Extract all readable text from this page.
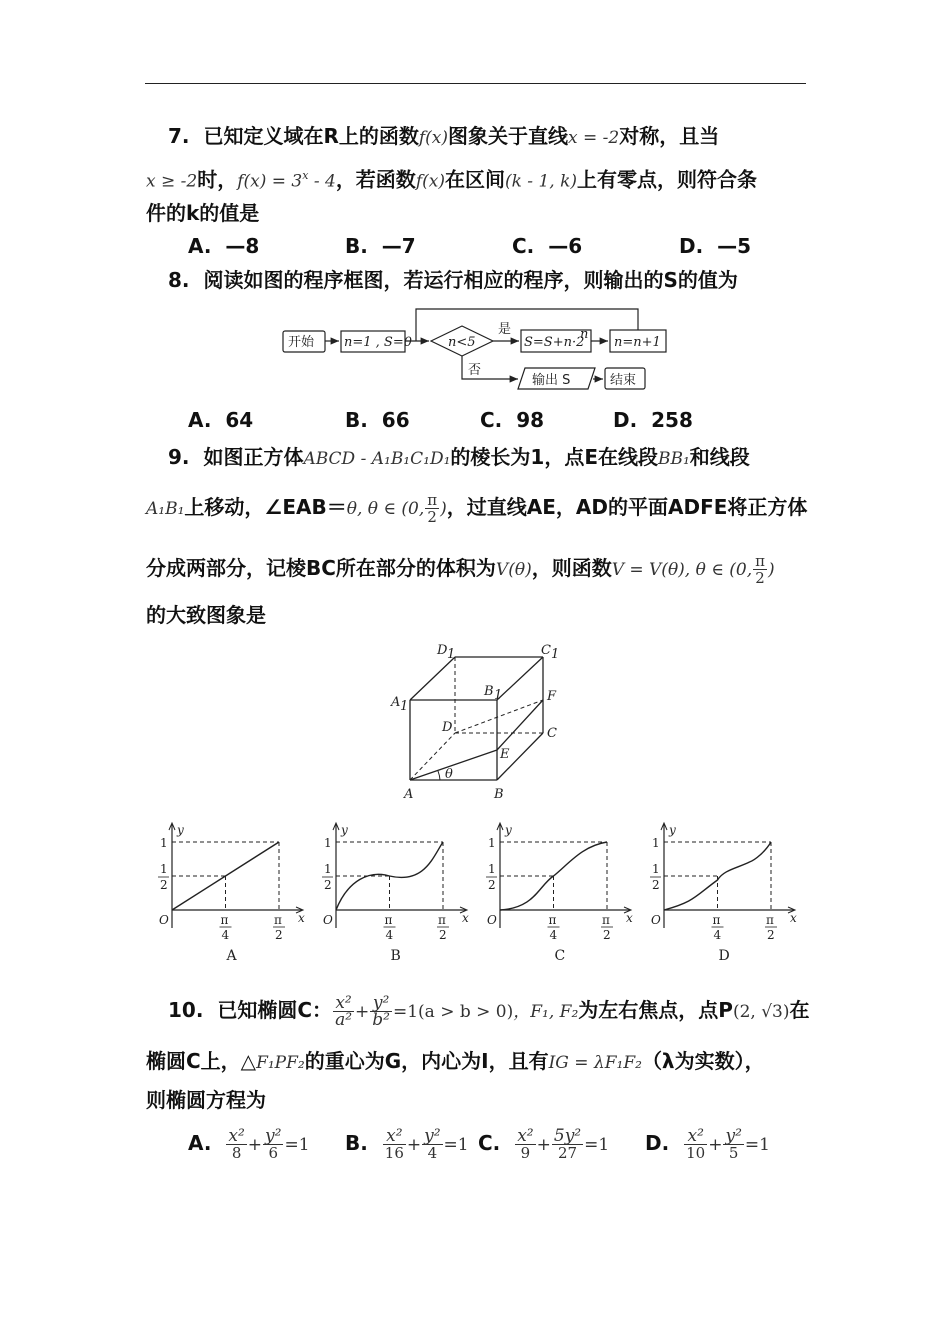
7. 已知定义域在R上的函数f(x)图象关于直线x = -2对称，且当
x ≥ -2时，$f(x) = 3^x - 4$，若函数f(x)在区间(k - 1, k)上有零点，则符合条
件的k的值是
A. —8	B. —7	C. —6	D. —5
8. 阅读如图的程序框图，若运行相应的程序，则输出的S的值为
开始 n=1 , S=0	n<5
是
否
S=S+n·2
n
n=n+1
输出 S	结束
A. 64	B. 66	C. 98	D. 258
9. 如图正方体ABCD - A₁B₁C₁D₁的棱长为1，点E在线段BB₁和线段
A₁B₁上移动，∠EAB＝θ, θ ∈ (0, $\frac{\pi}{2}$ )，过直线AE，AD的平面ADFE将正方体
分成两部分，记棱BC所在部分的体积为V(θ)，则函数V = V(θ), θ ∈ (0, $\frac{\pi}{2}$ )
的大致图象是
D 1	C 1
A 1
B 1
D
F
C
E
θ
A	B
y
x
O
1
1
2
π
4
π
2
A
y
x
O
1
1
2
π
4
π
2
B
y
x
O
1
1
2
π
4
π
2
C
y
x
O
1
1
2
π
4
π
2
D
10. 已知椭圆C： $\frac{\text{x²}}{\text{a²}} + \frac{\text{y²}}{\text{b²}} =1(a > b > 0)$，F₁, F₂为左右焦点，点P(2, √3)在
椭圆C上，△F₁PF₂的重心为G，内心为I，且有IG = λF₁F₂（λ为实数），
则椭圆方程为
A. $\frac{\text{x²}}{8} + \frac{\text{y²}}{6} =1$ B. $\frac{\text{x²}}{16} + \frac{\text{y²}}{4} =1$ C. $\frac{\text{x²}}{9} + \frac{\text{5y²}}{27} =1$ D. $\frac{\text{x²}}{10} + \frac{\text{y²}}{5} =1$
